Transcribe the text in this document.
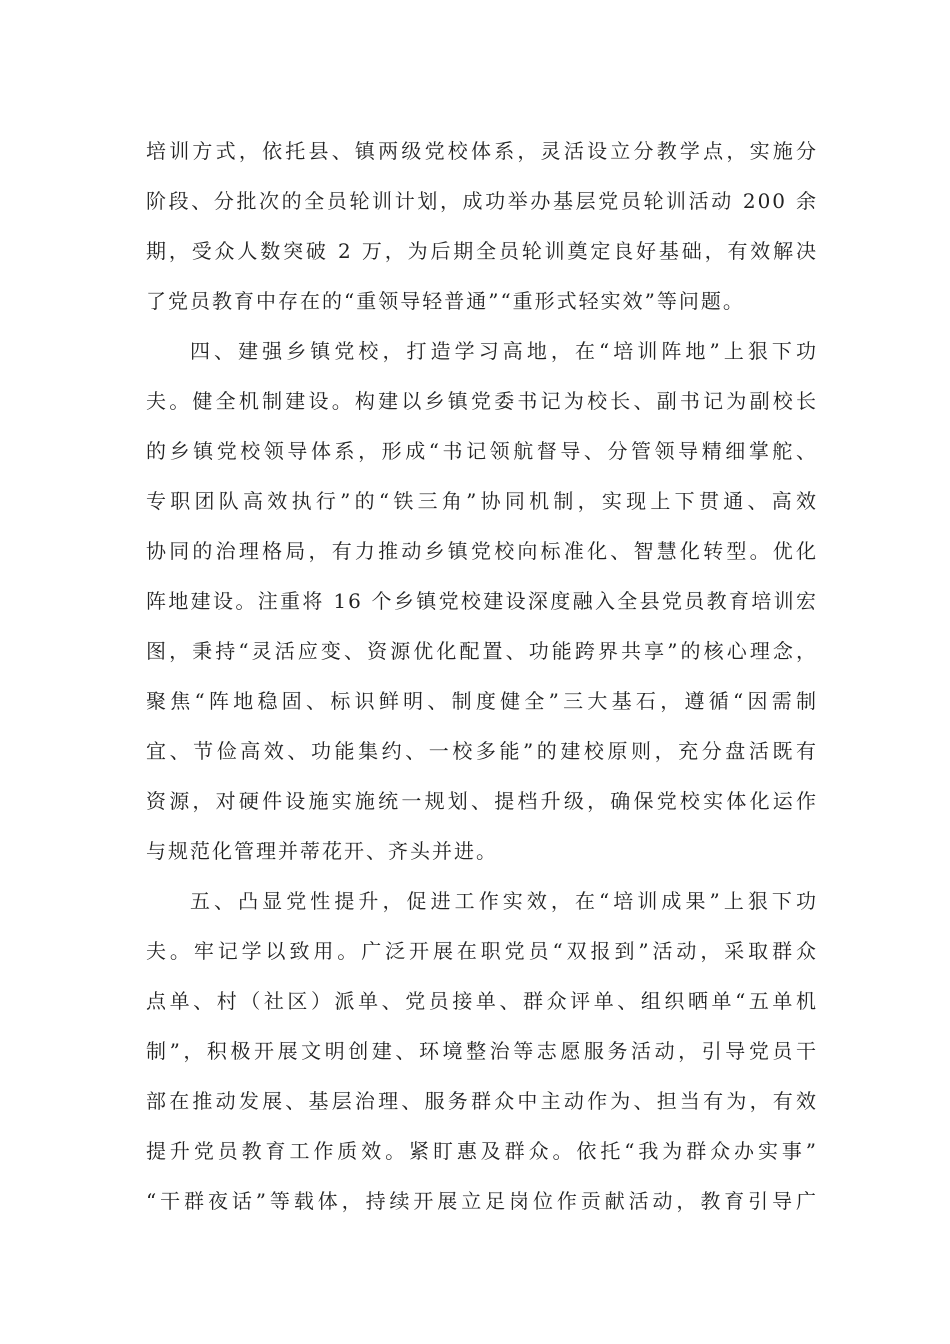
培训方式，依托县、镇两级党校体系，灵活设立分教学点，实施分
阶段、分批次的全员轮训计划，成功举办基层党员轮训活动 200 余
期，受众人数突破 2 万，为后期全员轮训奠定良好基础，有效解决
了党员教育中存在的“重领导轻普通”“重形式轻实效”等问题。
四、建强乡镇党校，打造学习高地，在“培训阵地”上狠下功
夫。健全机制建设。构建以乡镇党委书记为校长、副书记为副校长
的乡镇党校领导体系，形成“书记领航督导、分管领导精细掌舵、
专职团队高效执行”的“铁三角”协同机制，实现上下贯通、高效
协同的治理格局，有力推动乡镇党校向标准化、智慧化转型。优化
阵地建设。注重将 16 个乡镇党校建设深度融入全县党员教育培训宏
图，秉持“灵活应变、资源优化配置、功能跨界共享”的核心理念，
聚焦“阵地稳固、标识鲜明、制度健全”三大基石，遵循“因需制
宜、节俭高效、功能集约、一校多能”的建校原则，充分盘活既有
资源，对硬件设施实施统一规划、提档升级，确保党校实体化运作
与规范化管理并蒂花开、齐头并进。
五、凸显党性提升，促进工作实效，在“培训成果”上狠下功
夫。牢记学以致用。广泛开展在职党员“双报到”活动，采取群众
点单、村（社区）派单、党员接单、群众评单、组织晒单“五单机
制”，积极开展文明创建、环境整治等志愿服务活动，引导党员干
部在推动发展、基层治理、服务群众中主动作为、担当有为，有效
提升党员教育工作质效。紧盯惠及群众。依托“我为群众办实事”
“干群夜话”等载体，持续开展立足岗位作贡献活动，教育引导广
